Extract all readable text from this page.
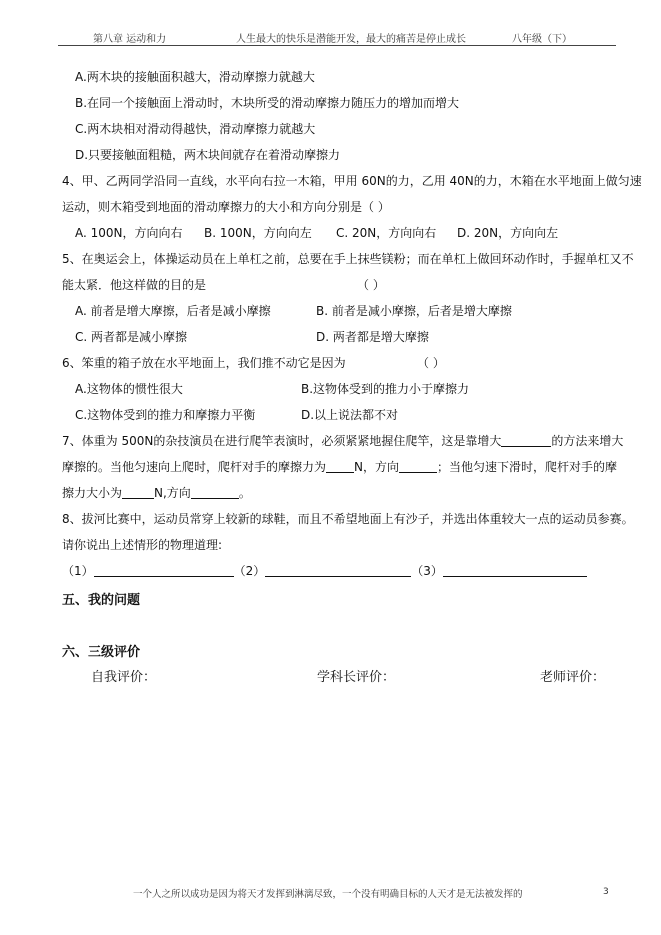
第八章 运动和力	人生最大的快乐是潜能开发，最大的痛苦是停止成长	八年级（下）
A.两木块的接触面积越大，滑动摩擦力就越大
B.在同一个接触面上滑动时，木块所受的滑动摩擦力随压力的增加而增大
C.两木块相对滑动得越快，滑动摩擦力就越大
D.只要接触面粗糙，两木块间就存在着滑动摩擦力
4、甲、乙两同学沿同一直线，水平向右拉一木箱，甲用 60N的力，乙用 40N的力，木箱在水平地面上做匀速
运动，则木箱受到地面的滑动摩擦力的大小和方向分别是（ ）
A. 100N，方向向右 B. 100N，方向向左 C. 20N，方向向右 D. 20N，方向向左
5、在奥运会上，体操运动员在上单杠之前，总要在手上抹些镁粉；而在单杠上做回环动作时，手握单杠又不
能太紧．他这样做的目的是	（ ）
A. 前者是增大摩擦，后者是减小摩擦	B. 前者是减小摩擦，后者是增大摩擦
C. 两者都是减小摩擦	D. 两者都是增大摩擦
6、笨重的箱子放在水平地面上，我们推不动它是因为	（ ）
A.这物体的惯性很大	B.这物体受到的推力小于摩擦力
C.这物体受到的推力和摩擦力平衡	D.以上说法都不对
7、体重为 500N的杂技演员在进行爬竿表演时，必须紧紧地握住爬竿，这是靠增大	的方法来增大
摩擦的。当他匀速向上爬时，爬杆对手的摩擦力为 N，方向	；当他匀速下滑时，爬杆对手的摩
擦力大小为	N,方向	。
8、拔河比赛中，运动员常穿上较新的球鞋，而且不希望地面上有沙子，并选出体重较大一点的运动员参赛。
请你说出上述情形的物理道理:
（1）	（2）	（3）
五、我的问题
六、三级评价
自我评价：	学科长评价：	老师评价：
一个人之所以成功是因为将天才发挥到淋漓尽致，一个没有明确目标的人天才是无法被发挥的	3
